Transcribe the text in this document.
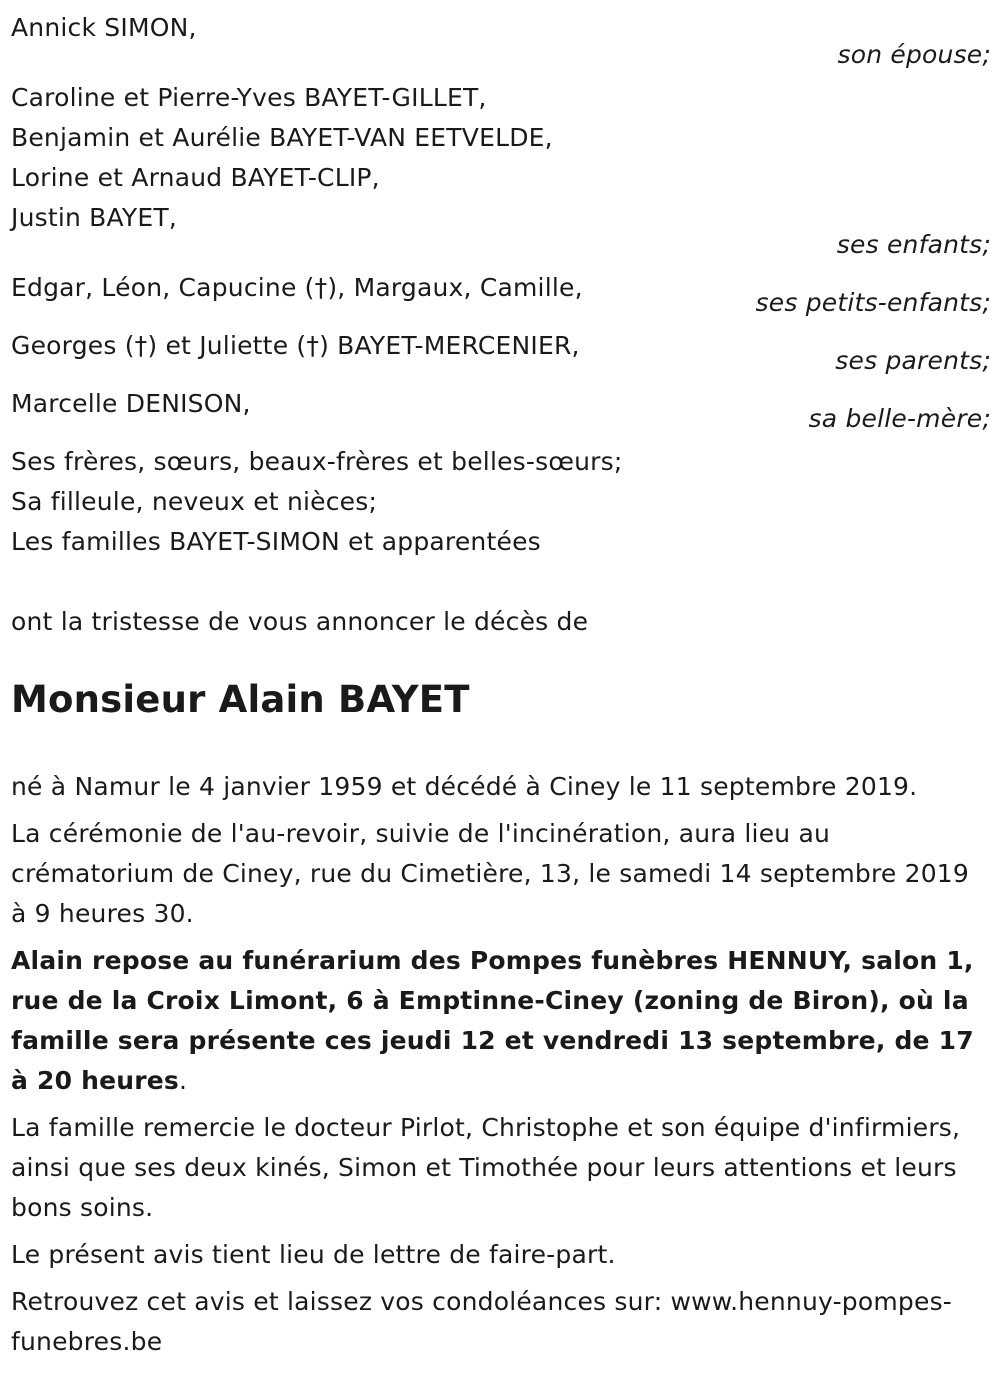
Annick SIMON,
son épouse;
Caroline et Pierre-Yves BAYET-GILLET,
Benjamin et Aurélie BAYET-VAN EETVELDE,
Lorine et Arnaud BAYET-CLIP,
Justin BAYET,
ses enfants;
Edgar, Léon, Capucine (†), Margaux, Camille,
ses petits-enfants;
Georges (†) et Juliette (†) BAYET-MERCENIER,
ses parents;
Marcelle DENISON,
sa belle-mère;
Ses frères, sœurs, beaux-frères et belles-sœurs;
Sa filleule, neveux et nièces;
Les familles BAYET-SIMON et apparentées
ont la tristesse de vous annoncer le décès de
Monsieur Alain BAYET

né à Namur le 4 janvier 1959 et décédé à Ciney le 11 septembre 2019.

La cérémonie de l'au-revoir, suivie de l'incinération, aura lieu au crématorium de Ciney, rue du Cimetière, 13, le samedi 14 septembre 2019 à 9 heures 30.

Alain repose au funérarium des Pompes funèbres HENNUY, salon 1, rue de la Croix Limont, 6 à Emptinne-Ciney (zoning de Biron), où la famille sera présente ces jeudi 12 et vendredi 13 septembre, de 17 à 20 heures.

La famille remercie le docteur Pirlot, Christophe et son équipe d'infirmiers, ainsi que ses deux kinés, Simon et Timothée pour leurs attentions et leurs bons soins.

Le présent avis tient lieu de lettre de faire-part.

Retrouvez cet avis et laissez vos condoléances sur: www.hennuy-pompes-funebres.be
